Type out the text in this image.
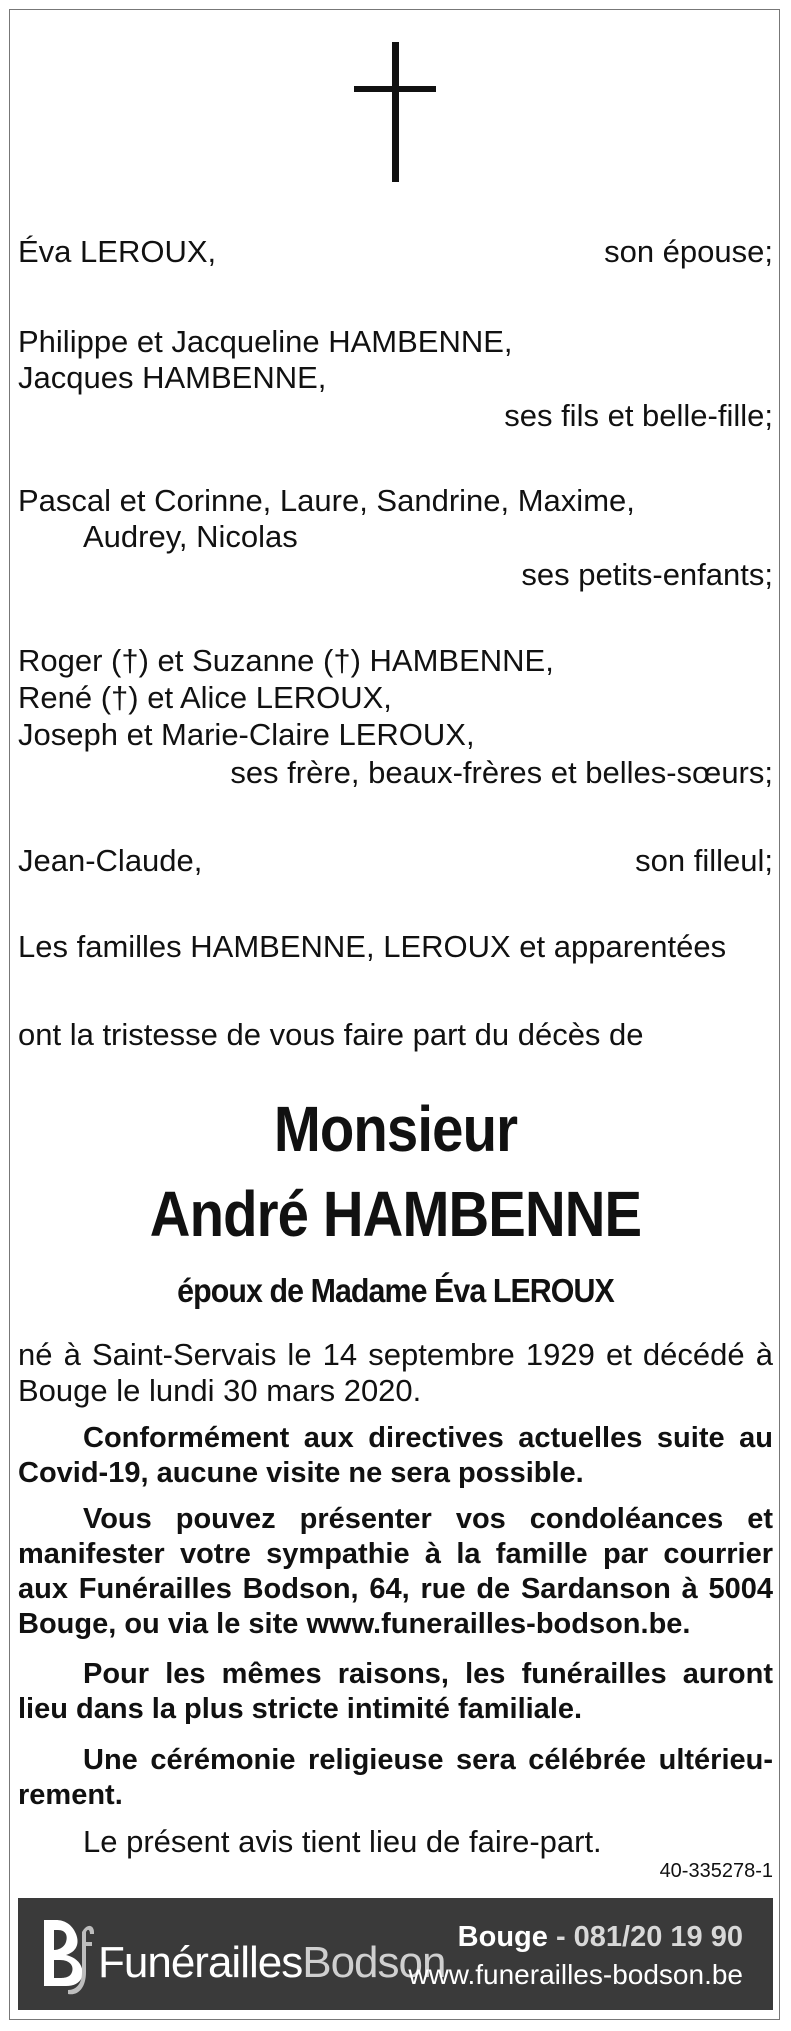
Éva LEROUX,	son épouse;
Philippe et Jacqueline HAMBENNE,
Jacques HAMBENNE,
ses fils et belle-fille;
Pascal et Corinne, Laure, Sandrine, Maxime,
Audrey, Nicolas
ses petits-enfants;
Roger (†) et Suzanne (†) HAMBENNE,
René (†) et Alice LEROUX,
Joseph et Marie-Claire LEROUX,
ses frère, beaux-frères et belles-sœurs;
Jean-Claude,	son filleul;
Les familles HAMBENNE, LEROUX et apparentées
ont la tristesse de vous faire part du décès de
Monsieur
André HAMBENNE
époux de Madame Éva LEROUX
né à Saint-Servais le 14 septembre 1929 et décédé à Bouge le lundi 30 mars 2020.
Conformément aux directives actuelles suite au Covid-19, aucune visite ne sera possible.
Vous pouvez présenter vos condoléances et manifester votre sympathie à la famille par courrier aux Funérailles Bodson, 64, rue de Sardanson à 5004 Bouge, ou via le site www.funerailles-bodson.be.
Pour les mêmes raisons, les funérailles auront lieu dans la plus stricte intimité familiale.
Une cérémonie religieuse sera célébrée ultérieu-rement.
Le présent avis tient lieu de faire-part.
40-335278-1
FunéraillesBodson
Bouge - 081/20 19 90
www.funerailles-bodson.be
